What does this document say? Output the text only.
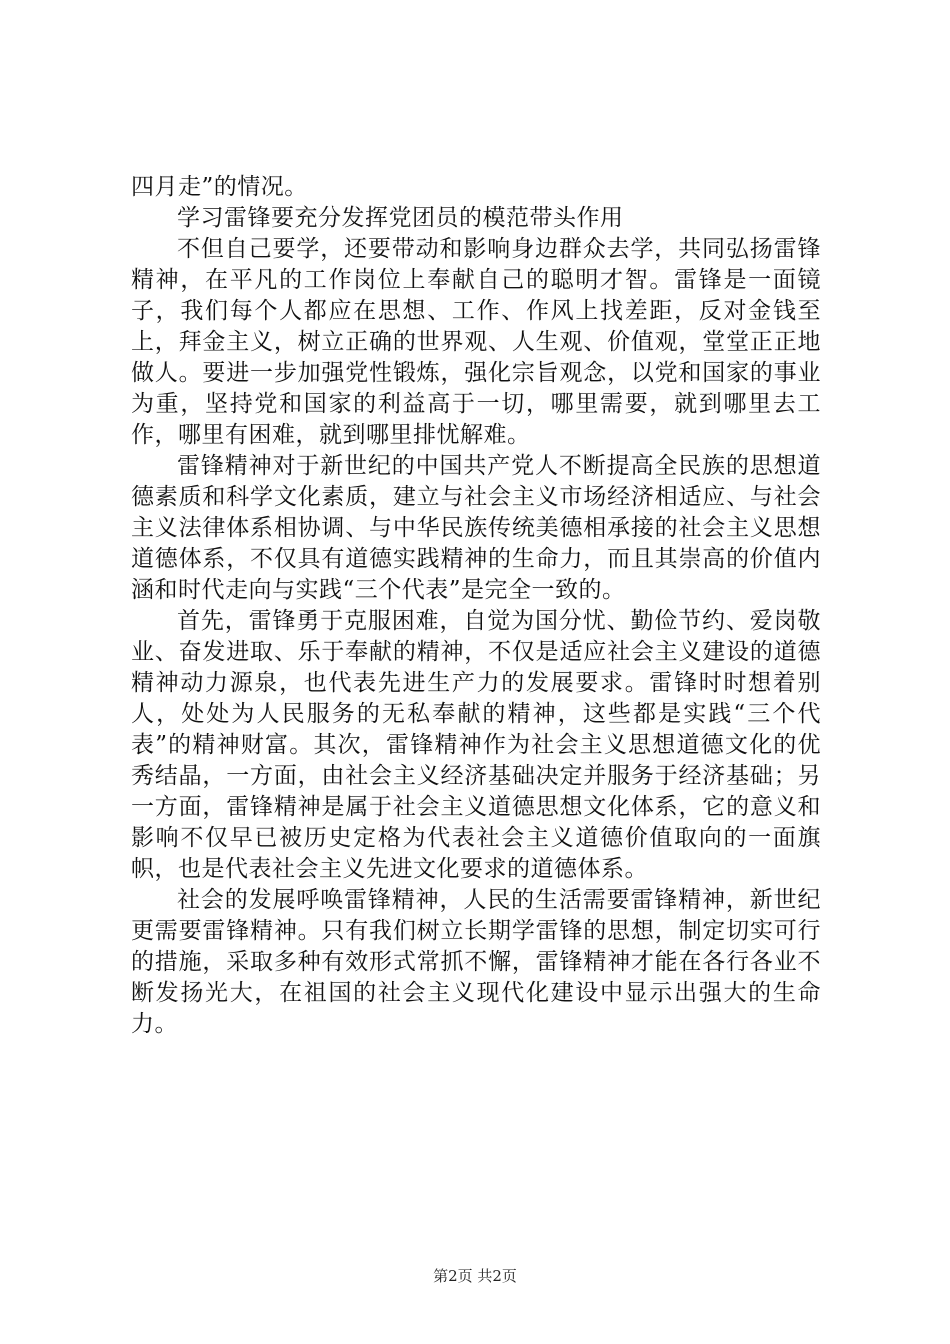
四月走”的情况。

学习雷锋要充分发挥党团员的模范带头作用

不但自己要学，还要带动和影响身边群众去学，共同弘扬雷锋精神，在平凡的工作岗位上奉献自己的聪明才智。雷锋是一面镜子，我们每个人都应在思想、工作、作风上找差距，反对金钱至上，拜金主义，树立正确的世界观、人生观、价值观，堂堂正正地做人。要进一步加强党性锻炼，强化宗旨观念，以党和国家的事业为重，坚持党和国家的利益高于一切，哪里需要，就到哪里去工作，哪里有困难，就到哪里排忧解难。

雷锋精神对于新世纪的中国共产党人不断提高全民族的思想道德素质和科学文化素质，建立与社会主义市场经济相适应、与社会主义法律体系相协调、与中华民族传统美德相承接的社会主义思想道德体系，不仅具有道德实践精神的生命力，而且其崇高的价值内涵和时代走向与实践“三个代表”是完全一致的。

首先，雷锋勇于克服困难，自觉为国分忧、勤俭节约、爱岗敬业、奋发进取、乐于奉献的精神，不仅是适应社会主义建设的道德精神动力源泉，也代表先进生产力的发展要求。雷锋时时想着别人，处处为人民服务的无私奉献的精神，这些都是实践“三个代表”的精神财富。其次，雷锋精神作为社会主义思想道德文化的优秀结晶，一方面，由社会主义经济基础决定并服务于经济基础；另一方面，雷锋精神是属于社会主义道德思想文化体系，它的意义和影响不仅早已被历史定格为代表社会主义道德价值取向的一面旗帜，也是代表社会主义先进文化要求的道德体系。

社会的发展呼唤雷锋精神，人民的生活需要雷锋精神，新世纪更需要雷锋精神。只有我们树立长期学雷锋的思想，制定切实可行的措施，采取多种有效形式常抓不懈，雷锋精神才能在各行各业不断发扬光大，在祖国的社会主义现代化建设中显示出强大的生命力。

第2页 共2页
